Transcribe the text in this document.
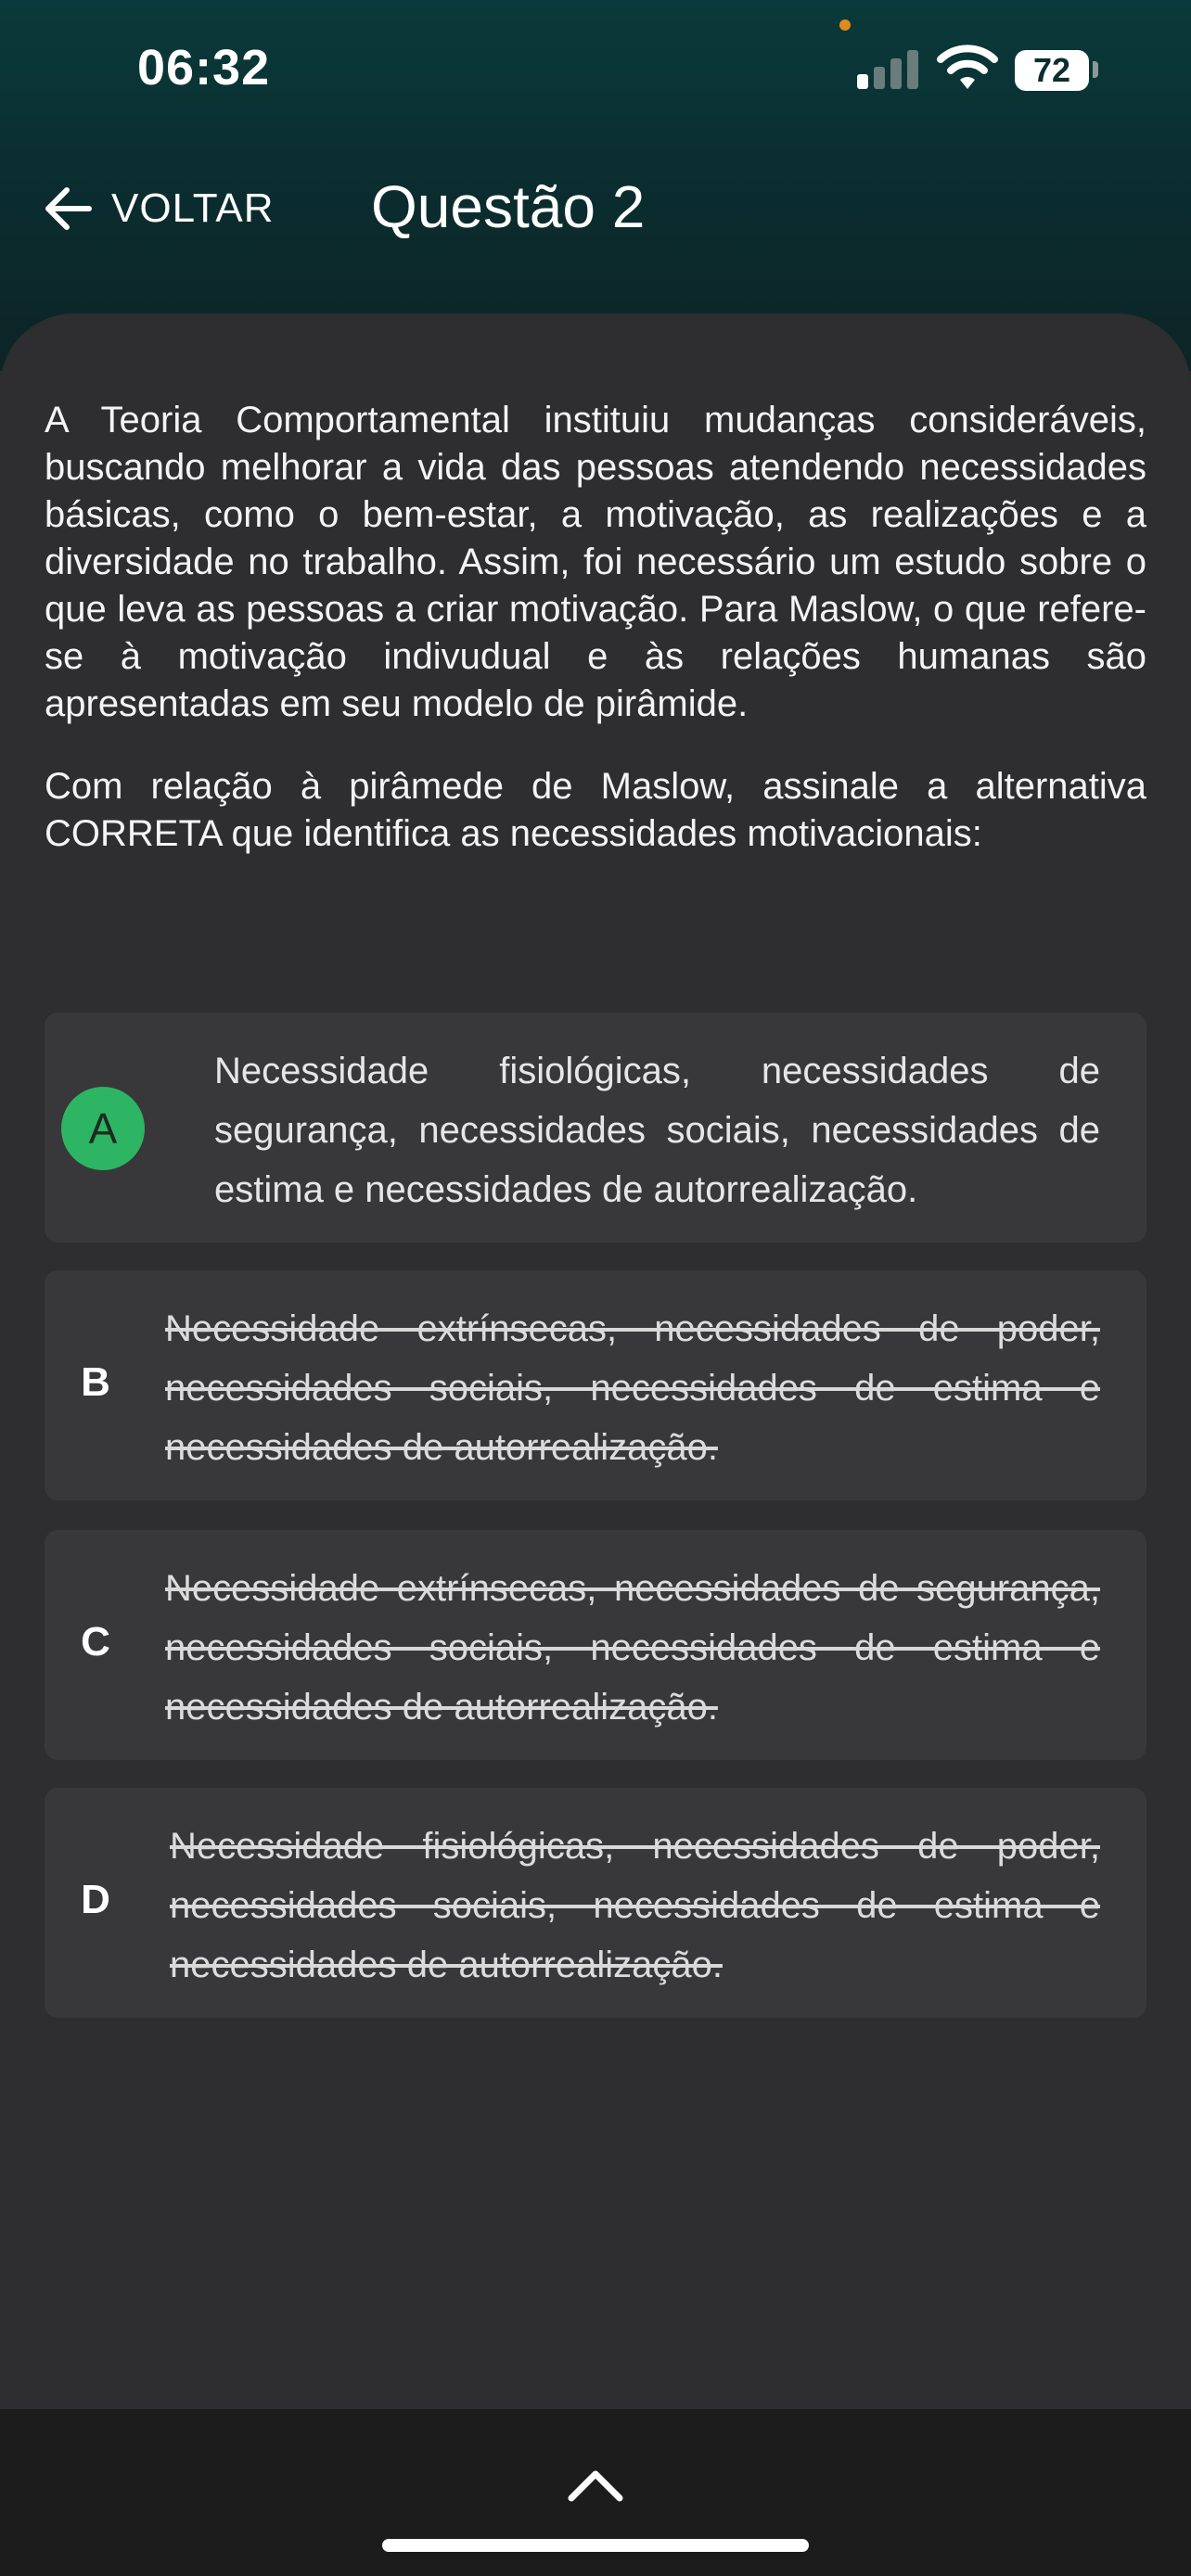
06:32	72
VOLTAR Questão 2

A Teoria Comportamental instituiu mudanças consideráveis, buscando melhorar a vida das pessoas atendendo necessidades básicas, como o bem-estar, a motivação, as realizações e a diversidade no trabalho. Assim, foi necessário um estudo sobre o que leva as pessoas a criar motivação. Para Maslow, o que refere-se à motivação indivudual e às relações humanas são apresentadas em seu modelo de pirâmide.

Com relação à pirâmede de Maslow, assinale a alternativa CORRETA que identifica as necessidades motivacionais:

A
Necessidade fisiológicas, necessidades de segurança, necessidades sociais, necessidades de estima e necessidades de autorrealização.
B
Necessidade extrínsecas, necessidades de poder, necessidades sociais, necessidades de estima e necessidades de autorrealização.
C
Necessidade extrínsecas, necessidades de segurança, necessidades sociais, necessidades de estima e necessidades de autorrealização.
D
Necessidade fisiológicas, necessidades de poder, necessidades sociais, necessidades de estima e necessidades de autorrealização.
